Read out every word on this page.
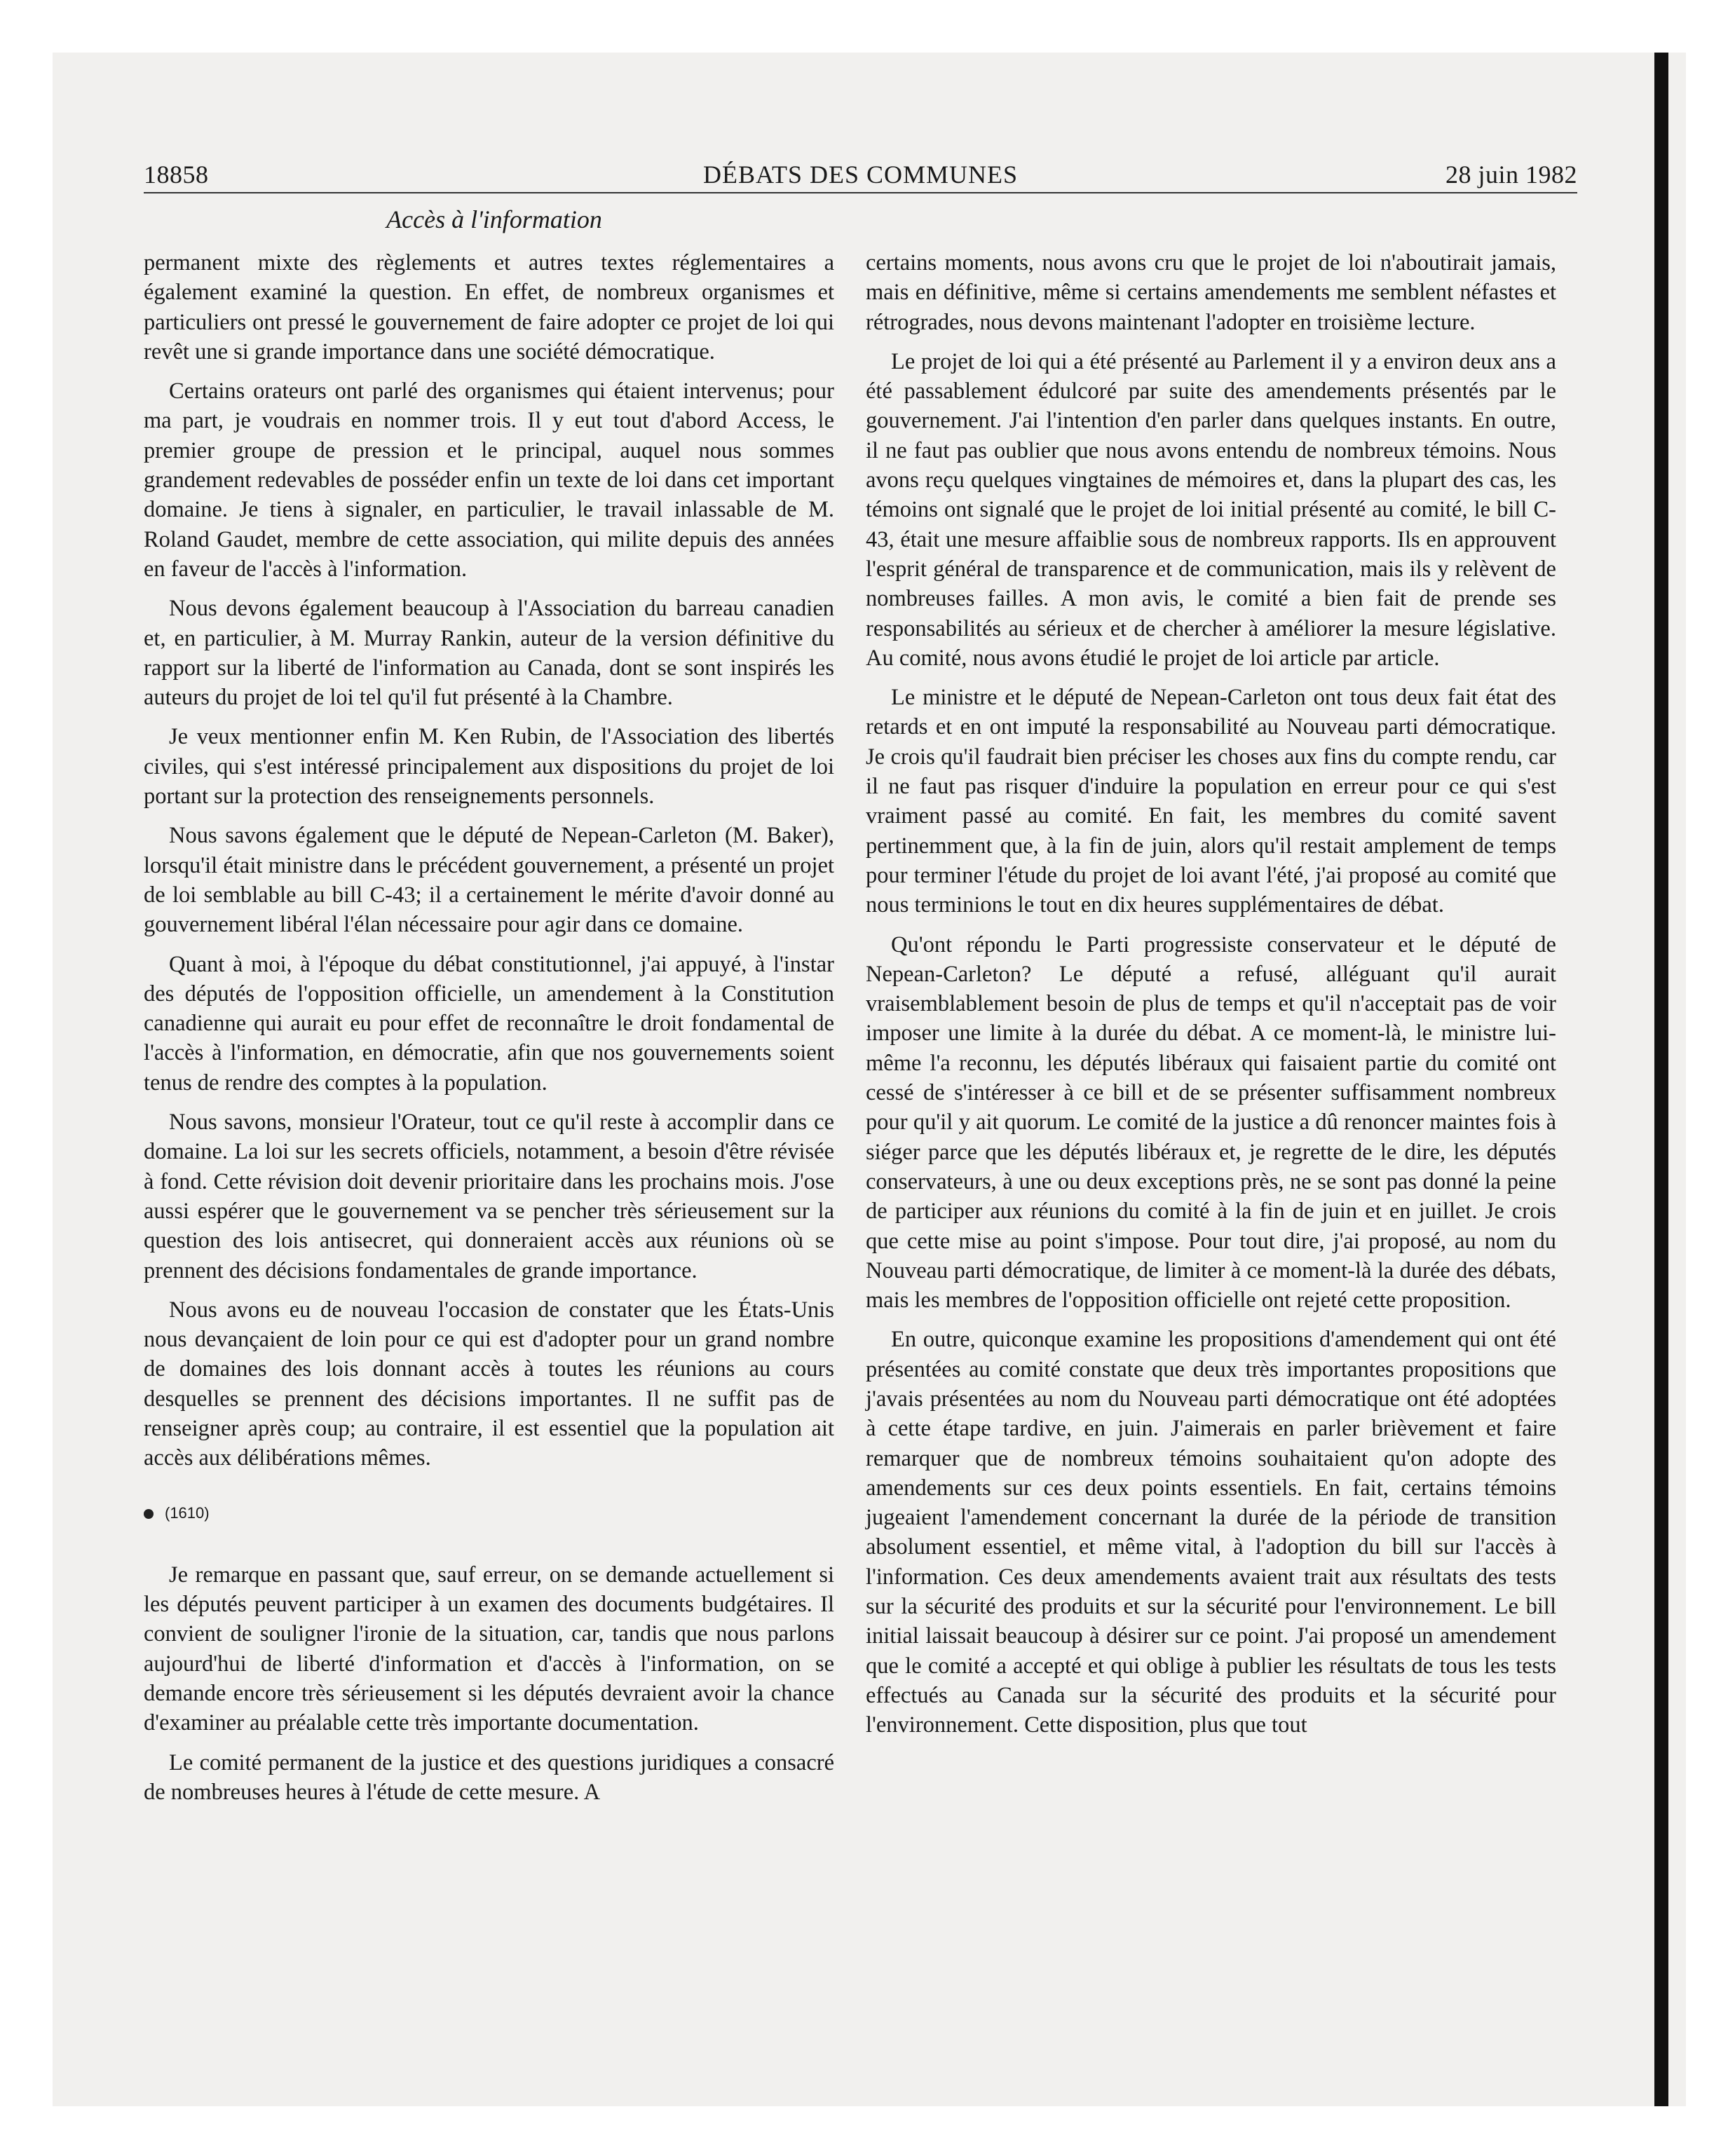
18858	DÉBATS DES COMMUNES	28 juin 1982
Accès à l'information

permanent mixte des règlements et autres textes réglementaires a également examiné la question. En effet, de nombreux organismes et particuliers ont pressé le gouvernement de faire adopter ce projet de loi qui revêt une si grande importance dans une société démocratique.

Certains orateurs ont parlé des organismes qui étaient intervenus; pour ma part, je voudrais en nommer trois. Il y eut tout d'abord Access, le premier groupe de pression et le principal, auquel nous sommes grandement redevables de posséder enfin un texte de loi dans cet important domaine. Je tiens à signaler, en particulier, le travail inlassable de M. Roland Gaudet, membre de cette association, qui milite depuis des années en faveur de l'accès à l'information.

Nous devons également beaucoup à l'Association du barreau canadien et, en particulier, à M. Murray Rankin, auteur de la version définitive du rapport sur la liberté de l'information au Canada, dont se sont inspirés les auteurs du projet de loi tel qu'il fut présenté à la Chambre.

Je veux mentionner enfin M. Ken Rubin, de l'Association des libertés civiles, qui s'est intéressé principalement aux dispositions du projet de loi portant sur la protection des renseignements personnels.

Nous savons également que le député de Nepean-Carleton (M. Baker), lorsqu'il était ministre dans le précédent gouvernement, a présenté un projet de loi semblable au bill C-43; il a certainement le mérite d'avoir donné au gouvernement libéral l'élan nécessaire pour agir dans ce domaine.

Quant à moi, à l'époque du débat constitutionnel, j'ai appuyé, à l'instar des députés de l'opposition officielle, un amendement à la Constitution canadienne qui aurait eu pour effet de reconnaître le droit fondamental de l'accès à l'information, en démocratie, afin que nos gouvernements soient tenus de rendre des comptes à la population.

Nous savons, monsieur l'Orateur, tout ce qu'il reste à accomplir dans ce domaine. La loi sur les secrets officiels, notamment, a besoin d'être révisée à fond. Cette révision doit devenir prioritaire dans les prochains mois. J'ose aussi espérer que le gouvernement va se pencher très sérieusement sur la question des lois antisecret, qui donneraient accès aux réunions où se prennent des décisions fondamentales de grande importance.

Nous avons eu de nouveau l'occasion de constater que les États-Unis nous devançaient de loin pour ce qui est d'adopter pour un grand nombre de domaines des lois donnant accès à toutes les réunions au cours desquelles se prennent des décisions importantes. Il ne suffit pas de renseigner après coup; au contraire, il est essentiel que la population ait accès aux délibérations mêmes.

(1610)

Je remarque en passant que, sauf erreur, on se demande actuellement si les députés peuvent participer à un examen des documents budgétaires. Il convient de souligner l'ironie de la situation, car, tandis que nous parlons aujourd'hui de liberté d'information et d'accès à l'information, on se demande encore très sérieusement si les députés devraient avoir la chance d'examiner au préalable cette très importante documentation.

Le comité permanent de la justice et des questions juridiques a consacré de nombreuses heures à l'étude de cette mesure. A

certains moments, nous avons cru que le projet de loi n'aboutirait jamais, mais en définitive, même si certains amendements me semblent néfastes et rétrogrades, nous devons maintenant l'adopter en troisième lecture.

Le projet de loi qui a été présenté au Parlement il y a environ deux ans a été passablement édulcoré par suite des amendements présentés par le gouvernement. J'ai l'intention d'en parler dans quelques instants. En outre, il ne faut pas oublier que nous avons entendu de nombreux témoins. Nous avons reçu quelques vingtaines de mémoires et, dans la plupart des cas, les témoins ont signalé que le projet de loi initial présenté au comité, le bill C-43, était une mesure affaiblie sous de nombreux rapports. Ils en approuvent l'esprit général de transparence et de communication, mais ils y relèvent de nombreuses failles. A mon avis, le comité a bien fait de prende ses responsabilités au sérieux et de chercher à améliorer la mesure législative. Au comité, nous avons étudié le projet de loi article par article.

Le ministre et le député de Nepean-Carleton ont tous deux fait état des retards et en ont imputé la responsabilité au Nouveau parti démocratique. Je crois qu'il faudrait bien préciser les choses aux fins du compte rendu, car il ne faut pas risquer d'induire la population en erreur pour ce qui s'est vraiment passé au comité. En fait, les membres du comité savent pertinemment que, à la fin de juin, alors qu'il restait amplement de temps pour terminer l'étude du projet de loi avant l'été, j'ai proposé au comité que nous terminions le tout en dix heures supplémentaires de débat.

Qu'ont répondu le Parti progressiste conservateur et le député de Nepean-Carleton? Le député a refusé, alléguant qu'il aurait vraisemblablement besoin de plus de temps et qu'il n'acceptait pas de voir imposer une limite à la durée du débat. A ce moment-là, le ministre lui-même l'a reconnu, les députés libéraux qui faisaient partie du comité ont cessé de s'intéresser à ce bill et de se présenter suffisamment nombreux pour qu'il y ait quorum. Le comité de la justice a dû renoncer maintes fois à siéger parce que les députés libéraux et, je regrette de le dire, les députés conservateurs, à une ou deux exceptions près, ne se sont pas donné la peine de participer aux réunions du comité à la fin de juin et en juillet. Je crois que cette mise au point s'impose. Pour tout dire, j'ai proposé, au nom du Nouveau parti démocratique, de limiter à ce moment-là la durée des débats, mais les membres de l'opposition officielle ont rejeté cette proposition.

En outre, quiconque examine les propositions d'amendement qui ont été présentées au comité constate que deux très importantes propositions que j'avais présentées au nom du Nouveau parti démocratique ont été adoptées à cette étape tardive, en juin. J'aimerais en parler brièvement et faire remarquer que de nombreux témoins souhaitaient qu'on adopte des amendements sur ces deux points essentiels. En fait, certains témoins jugeaient l'amendement concernant la durée de la période de transition absolument essentiel, et même vital, à l'adoption du bill sur l'accès à l'information. Ces deux amendements avaient trait aux résultats des tests sur la sécurité des produits et sur la sécurité pour l'environnement. Le bill initial laissait beaucoup à désirer sur ce point. J'ai proposé un amendement que le comité a accepté et qui oblige à publier les résultats de tous les tests effectués au Canada sur la sécurité des produits et la sécurité pour l'environnement. Cette disposition, plus que tout
